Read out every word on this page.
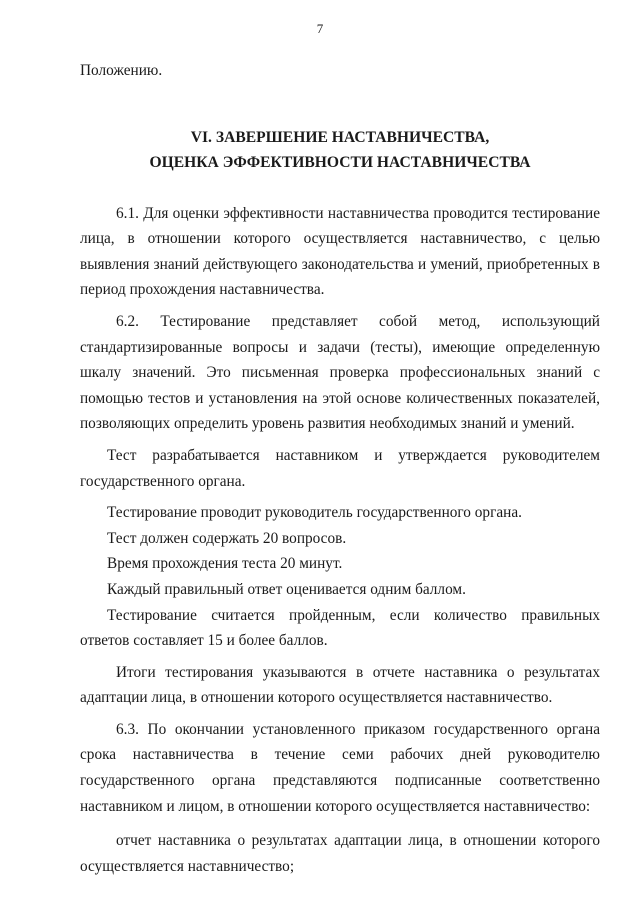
7

Положению.

VI. ЗАВЕРШЕНИЕ НАСТАВНИЧЕСТВА,
ОЦЕНКА ЭФФЕКТИВНОСТИ НАСТАВНИЧЕСТВА

6.1. Для оценки эффективности наставничества проводится тестирование лица, в отношении которого осуществляется наставничество, с целью выявления знаний действующего законодательства и умений, приобретенных в период прохождения наставничества.

6.2. Тестирование представляет собой метод, использующий стандартизированные вопросы и задачи (тесты), имеющие определенную шкалу значений. Это письменная проверка профессиональных знаний с помощью тестов и установления на этой основе количественных показателей, позволяющих определить уровень развития необходимых знаний и умений.

Тест разрабатывается наставником и утверждается руководителем государственного органа.

Тестирование проводит руководитель государственного органа.

Тест должен содержать 20 вопросов.

Время прохождения теста 20 минут.

Каждый правильный ответ оценивается одним баллом.

Тестирование считается пройденным, если количество правильных ответов составляет 15 и более баллов.

Итоги тестирования указываются в отчете наставника о результатах адаптации лица, в отношении которого осуществляется наставничество.

6.3. По окончании установленного приказом государственного органа срока наставничества в течение семи рабочих дней руководителю государственного органа представляются подписанные соответственно наставником и лицом, в отношении которого осуществляется наставничество:

отчет наставника о результатах адаптации лица, в отношении которого осуществляется наставничество;
